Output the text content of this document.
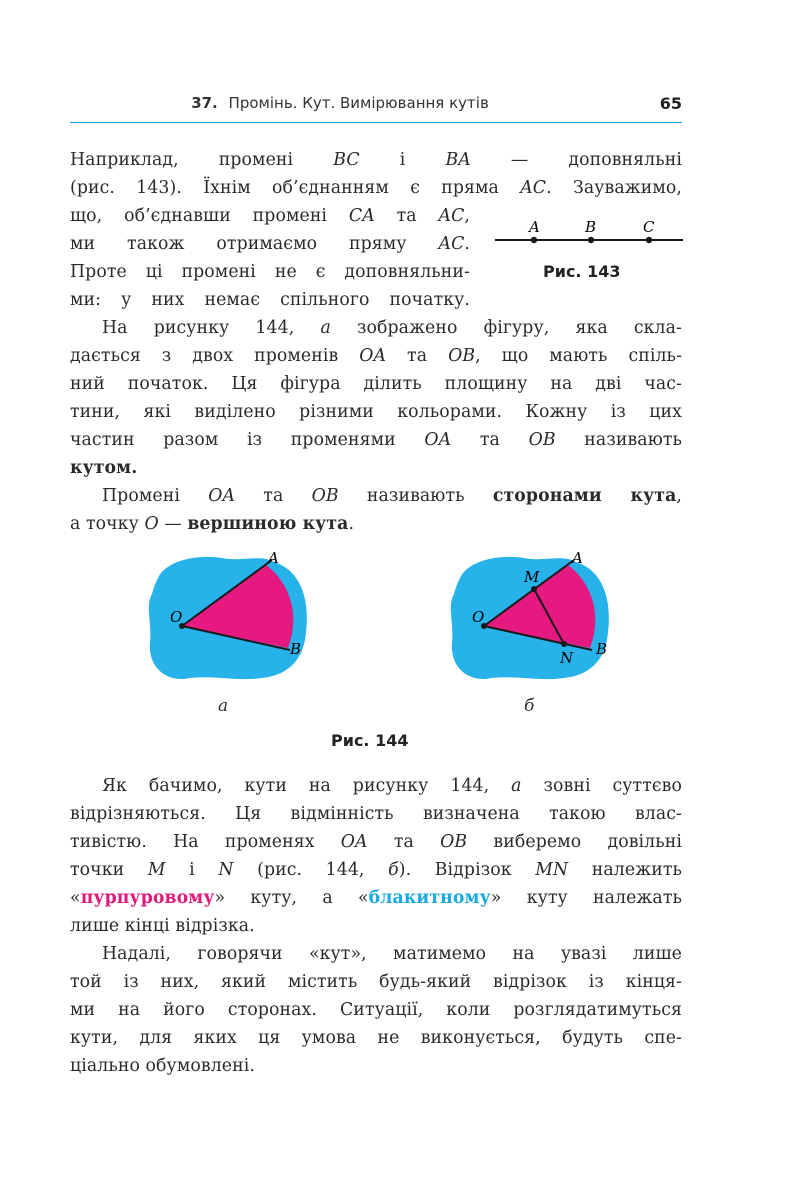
37. Промінь. Кут. Вимірювання кутів	65
Наприклад, промені BC і BA — доповняльні
(рис. 143). Їхнім об’єднанням є пряма AC. Зауважимо,
що, об’єднавши промені CA та AC,
ми також отримаємо пряму AC.
Проте ці промені не є доповняльни-
ми: у них немає спільного початку.
A	B	C
Рис. 143
На рисунку 144, а зображено фігуру, яка скла-
дається з двох променів OA та OB, що мають спіль-
ний початок. Ця фігура ділить площину на дві час-
тини, які виділено різними кольорами. Кожну із цих
частин разом із променями OA та OB називають
кутом.
Промені OA та OB називають сторонами кута,
а точку O — вершиною кута.
A
O
B
а
A
M
O
N B
б
Рис. 144
Як бачимо, кути на рисунку 144, а зовні суттєво
відрізняються. Ця відмінність визначена такою влас-
тивістю. На променях OA та OB виберемо довільні
точки M і N (рис. 144, б). Відрізок MN належить
«пурпуровому» куту, а «блакитному» куту належать
лише кінці відрізка.
Надалі, говорячи «кут», матимемо на увазі лише
той із них, який містить будь-який відрізок із кінця-
ми на його сторонах. Ситуації, коли розглядатимуться
кути, для яких ця умова не виконується, будуть спе-
ціально обумовлені.
